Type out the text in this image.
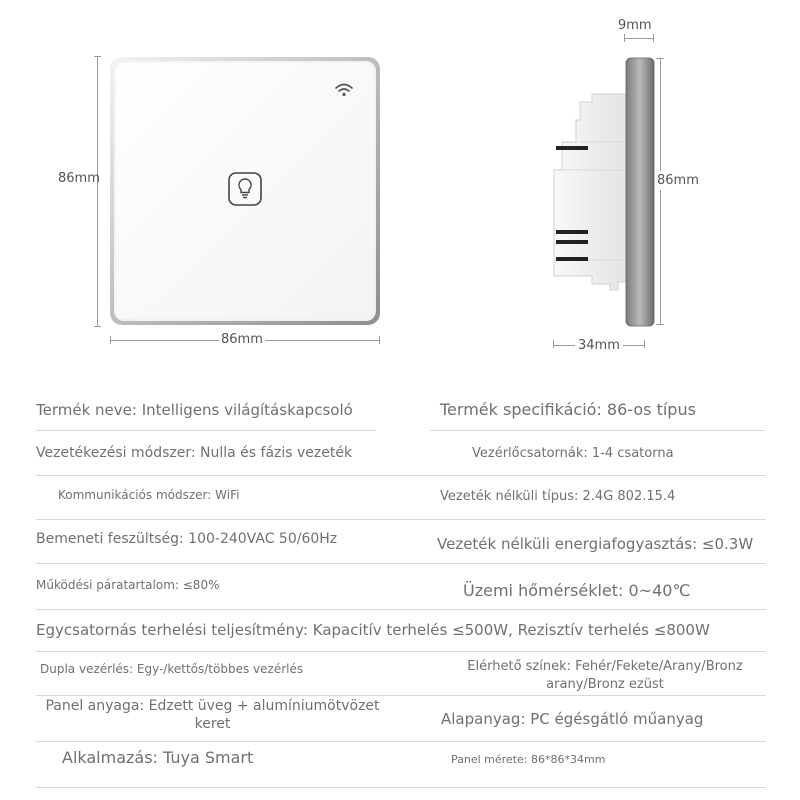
86mm
86mm
9mm
86mm
34mm
Termék neve: Intelligens világításkapcsoló	Termék specifikáció: 86-os típus
Vezetékezési módszer: Nulla és fázis vezeték	Vezérlőcsatornák: 1-4 csatorna
Kommunikációs módszer: WiFi	Vezeték nélküli típus: 2.4G 802.15.4
Bemeneti feszültség: 100-240VAC 50/60Hz	Vezeték nélküli energiafogyasztás: ≤0.3W
Működési páratartalom: ≤80%	Üzemi hőmérséklet: 0~40℃
Egycsatornás terhelési teljesítmény: Kapacitív terhelés ≤500W, Rezisztív terhelés ≤800W
Dupla vezérlés: Egy-/kettős/többes vezérlés	Elérhető színek: Fehér/Fekete/Arany/Bronz arany/Bronz ezüst
Panel anyaga: Edzett üveg + alumíniumötvözet keret	Alapanyag: PC égésgátló műanyag
Alkalmazás: Tuya Smart	Panel mérete: 86*86*34mm
